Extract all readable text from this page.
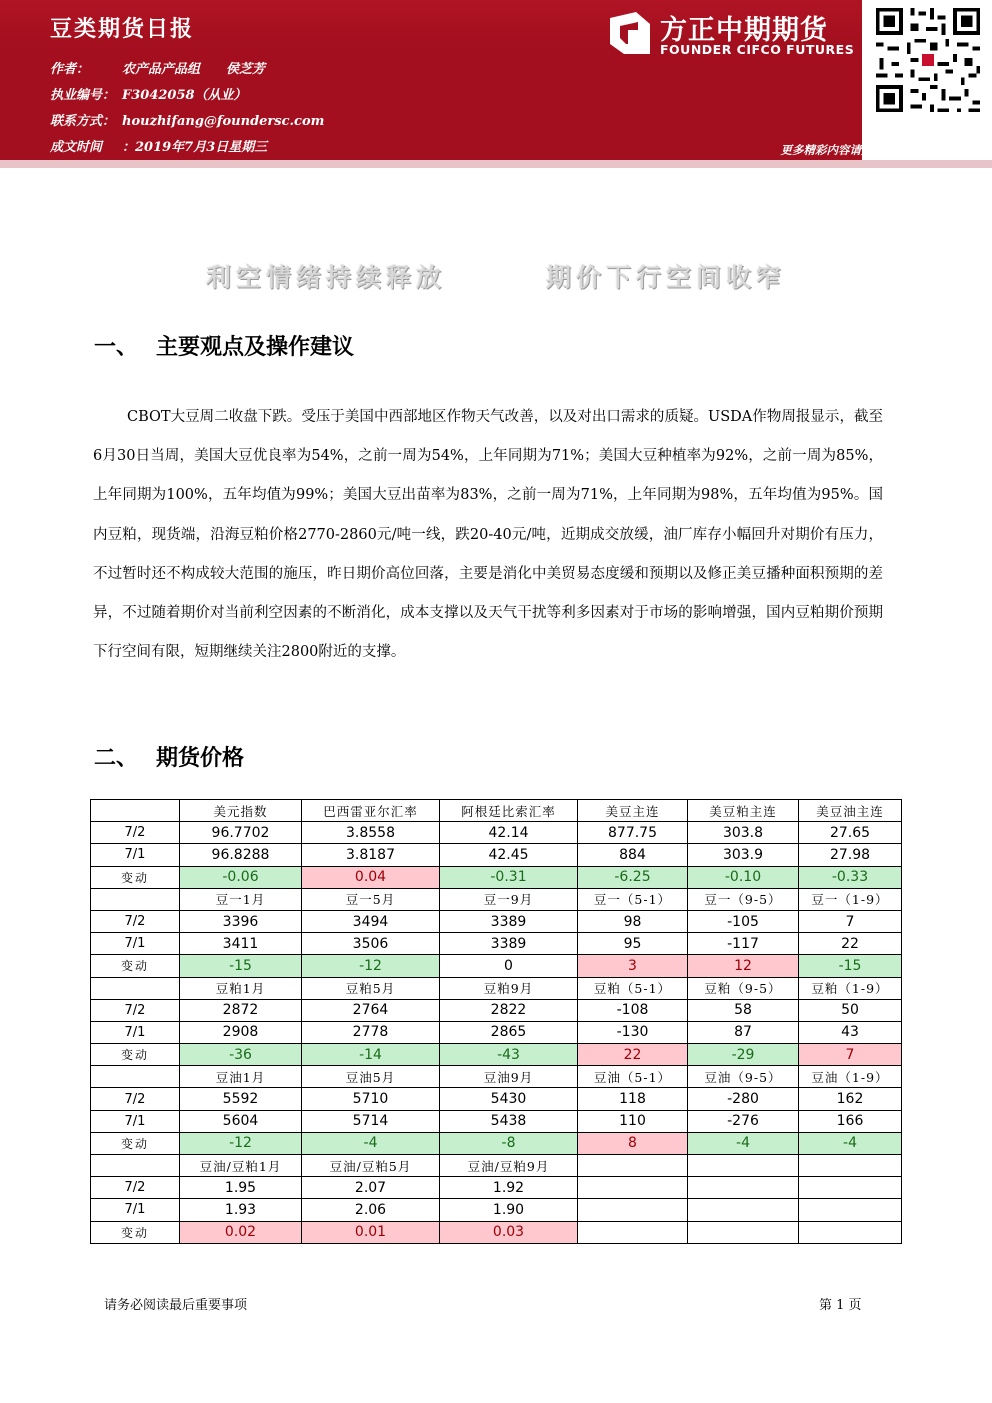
豆类期货日报
作者：	农产品产品组 侯芝芳
执业编号： F3042058（从业）
联系方式： houzhifang@foundersc.com
成文时间 ：2019年7月3日星期三
方正中期期货
FOUNDER CIFCO FUTURES
更多精彩内容请关注方正中期官方微信
利空情绪持续释放	期价下行空间收窄
一、 主要观点及操作建议

CBOT大豆周二收盘下跌。受压于美国中西部地区作物天气改善，以及对出口需求的质疑。USDA作物周报显示，截至6月30日当周，美国大豆优良率为54%，之前一周为54%，上年同期为71%；美国大豆种植率为92%，之前一周为85%，上年同期为100%，五年均值为99%；美国大豆出苗率为83%，之前一周为71%，上年同期为98%，五年均值为95%。国内豆粕，现货端，沿海豆粕价格2770-2860元/吨一线，跌20-40元/吨，近期成交放缓，油厂库存小幅回升对期价有压力，不过暂时还不构成较大范围的施压，昨日期价高位回落，主要是消化中美贸易态度缓和预期以及修正美豆播种面积预期的差异，不过随着期价对当前利空因素的不断消化，成本支撑以及天气干扰等利多因素对于市场的影响增强，国内豆粕期价预期下行空间有限，短期继续关注2800附近的支撑。

二、 期货价格
	美元指数	巴西雷亚尔汇率	阿根廷比索汇率	美豆主连	美豆粕主连	美豆油主连
7/2	96.7702	3.8558	42.14	877.75	303.8	27.65
7/1	96.8288	3.8187	42.45	884	303.9	27.98
变动	-0.06	0.04	-0.31	-6.25	-0.10	-0.33
	豆一1月	豆一5月	豆一9月	豆一（5-1）	豆一（9-5）	豆一（1-9）
7/2	3396	3494	3389	98	-105	7
7/1	3411	3506	3389	95	-117	22
变动	-15	-12	0	3	12	-15
	豆粕1月	豆粕5月	豆粕9月	豆粕（5-1）	豆粕（9-5）	豆粕（1-9）
7/2	2872	2764	2822	-108	58	50
7/1	2908	2778	2865	-130	87	43
变动	-36	-14	-43	22	-29	7
	豆油1月	豆油5月	豆油9月	豆油（5-1）	豆油（9-5）	豆油（1-9）
7/2	5592	5710	5430	118	-280	162
7/1	5604	5714	5438	110	-276	166
变动	-12	-4	-8	8	-4	-4
	豆油/豆粕1月	豆油/豆粕5月	豆油/豆粕9月			
7/2	1.95	2.07	1.92			
7/1	1.93	2.06	1.90			
变动	0.02	0.01	0.03			
请务必阅读最后重要事项	第 1 页
